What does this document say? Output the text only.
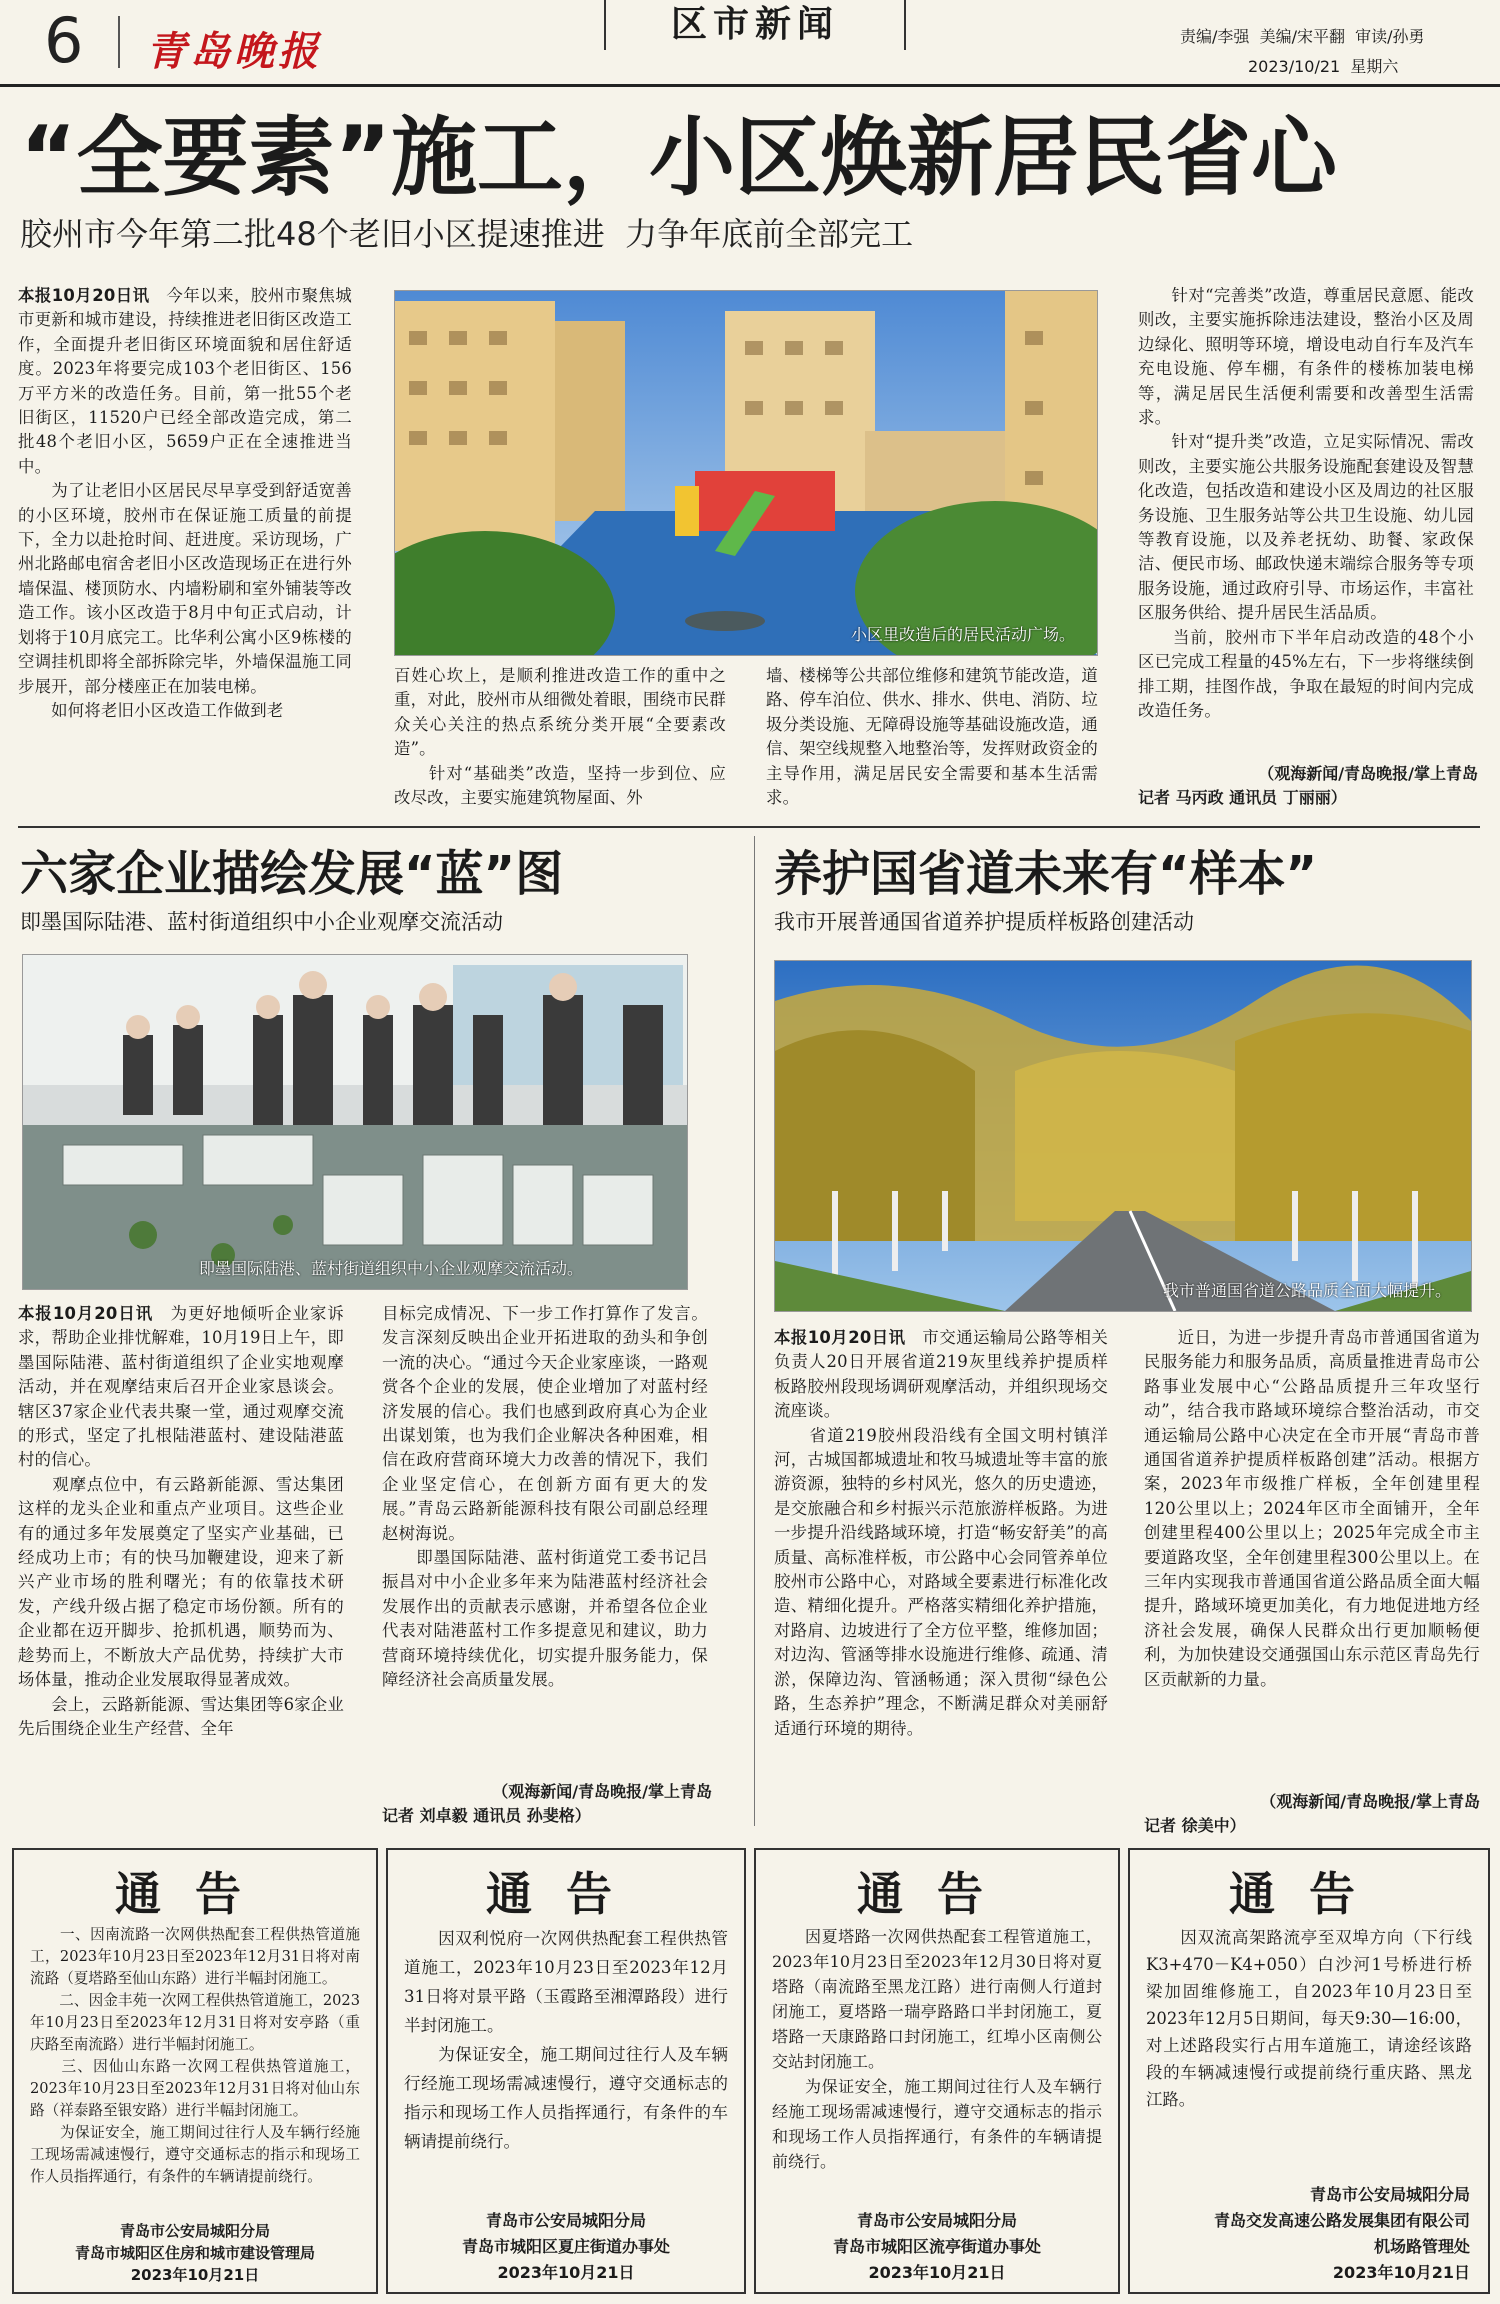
6 青岛晚报
区市新闻	责编/李强  美编/宋平翻  审读/孙勇
2023/10/21  星期六
“全要素”施工，小区焕新居民省心
胶州市今年第二批48个老旧小区提速推进  力争年底前全部完工
本报10月20日讯　今年以来，胶州市聚焦城市更新和城市建设，持续推进老旧街区改造工作，全面提升老旧街区环境面貌和居住舒适度。2023年将要完成103个老旧街区、156万平方米的改造任务。目前，第一批55个老旧街区，11520户已经全部改造完成，第二批48个老旧小区，5659户正在全速推进当中。
　　为了让老旧小区居民尽早享受到舒适宽善的小区环境，胶州市在保证施工质量的前提下，全力以赴抢时间、赶进度。采访现场，广州北路邮电宿舍老旧小区改造现场正在进行外墙保温、楼顶防水、内墙粉刷和室外铺装等改造工作。该小区改造于8月中旬正式启动，计划将于10月底完工。比华利公寓小区9栋楼的空调挂机即将全部拆除完毕，外墙保温施工同步展开，部分楼座正在加装电梯。
　　如何将老旧小区改造工作做到老
小区里改造后的居民活动广场。
百姓心坎上，是顺利推进改造工作的重中之重，对此，胶州市从细微处着眼，围绕市民群众关心关注的热点系统分类开展“全要素改造”。
　　针对“基础类”改造，坚持一步到位、应改尽改，主要实施建筑物屋面、外
墙、楼梯等公共部位维修和建筑节能改造，道路、停车泊位、供水、排水、供电、消防、垃圾分类设施、无障碍设施等基础设施改造，通信、架空线规整入地整治等，发挥财政资金的主导作用，满足居民安全需要和基本生活需求。
　　针对“完善类”改造，尊重居民意愿、能改则改，主要实施拆除违法建设，整治小区及周边绿化、照明等环境，增设电动自行车及汽车充电设施、停车棚，有条件的楼栋加装电梯等，满足居民生活便利需要和改善型生活需求。
　　针对“提升类”改造，立足实际情况、需改则改，主要实施公共服务设施配套建设及智慧化改造，包括改造和建设小区及周边的社区服务设施、卫生服务站等公共卫生设施、幼儿园等教育设施，以及养老抚幼、助餐、家政保洁、便民市场、邮政快递末端综合服务等专项服务设施，通过政府引导、市场运作，丰富社区服务供给、提升居民生活品质。
　　当前，胶州市下半年启动改造的48个小区已完成工程量的45%左右，下一步将继续倒排工期，挂图作战，争取在最短的时间内完成改造任务。
（观海新闻/青岛晚报/掌上青岛
记者 马丙政 通讯员 丁丽丽）
六家企业描绘发展“蓝”图
即墨国际陆港、蓝村街道组织中小企业观摩交流活动
即墨国际陆港、蓝村街道组织中小企业观摩交流活动。
本报10月20日讯　为更好地倾听企业家诉求，帮助企业排忧解难，10月19日上午，即墨国际陆港、蓝村街道组织了企业实地观摩活动，并在观摩结束后召开企业家恳谈会。辖区37家企业代表共聚一堂，通过观摩交流的形式，坚定了扎根陆港蓝村、建设陆港蓝村的信心。
　　观摩点位中，有云路新能源、雪达集团这样的龙头企业和重点产业项目。这些企业有的通过多年发展奠定了坚实产业基础，已经成功上市；有的快马加鞭建设，迎来了新兴产业市场的胜利曙光；有的依靠技术研发，产线升级占据了稳定市场份额。所有的企业都在迈开脚步、抢抓机遇，顺势而为、趁势而上，不断放大产品优势，持续扩大市场体量，推动企业发展取得显著成效。
　　会上，云路新能源、雪达集团等6家企业先后围绕企业生产经营、全年
目标完成情况、下一步工作打算作了发言。发言深刻反映出企业开拓进取的劲头和争创一流的决心。“通过今天企业家座谈，一路观赏各个企业的发展，使企业增加了对蓝村经济发展的信心。我们也感到政府真心为企业出谋划策，也为我们企业解决各种困难，相信在政府营商环境大力改善的情况下，我们企业坚定信心，在创新方面有更大的发展。”青岛云路新能源科技有限公司副总经理赵树海说。
　　即墨国际陆港、蓝村街道党工委书记吕振昌对中小企业多年来为陆港蓝村经济社会发展作出的贡献表示感谢，并希望各位企业代表对陆港蓝村工作多提意见和建议，助力营商环境持续优化，切实提升服务能力，保障经济社会高质量发展。
（观海新闻/青岛晚报/掌上青岛
记者 刘卓毅 通讯员 孙斐格）
养护国省道未来有“样本”
我市开展普通国省道养护提质样板路创建活动
我市普通国省道公路品质全面大幅提升。
本报10月20日讯　市交通运输局公路等相关负责人20日开展省道219灰里线养护提质样板路胶州段现场调研观摩活动，并组织现场交流座谈。
　　省道219胶州段沿线有全国文明村镇洋河，古城国都城遗址和牧马城遗址等丰富的旅游资源，独特的乡村风光，悠久的历史遗迹，是交旅融合和乡村振兴示范旅游样板路。为进一步提升沿线路域环境，打造“畅安舒美”的高质量、高标准样板，市公路中心会同管养单位胶州市公路中心，对路域全要素进行标准化改造、精细化提升。严格落实精细化养护措施，对路肩、边坡进行了全方位平整，维修加固；对边沟、管涵等排水设施进行维修、疏通、清淤，保障边沟、管涵畅通；深入贯彻“绿色公路，生态养护”理念，不断满足群众对美丽舒适通行环境的期待。
　　近日，为进一步提升青岛市普通国省道为民服务能力和服务品质，高质量推进青岛市公路事业发展中心“公路品质提升三年攻坚行动”，结合我市路域环境综合整治活动，市交通运输局公路中心决定在全市开展“青岛市普通国省道养护提质样板路创建”活动。根据方案，2023年市级推广样板，全年创建里程120公里以上；2024年区市全面铺开，全年创建里程400公里以上；2025年完成全市主要道路攻坚，全年创建里程300公里以上。在三年内实现我市普通国省道公路品质全面大幅提升，路域环境更加美化，有力地促进地方经济社会发展，确保人民群众出行更加顺畅便利，为加快建设交通强国山东示范区青岛先行区贡献新的力量。
（观海新闻/青岛晚报/掌上青岛
记者 徐美中）
通告
　　一、因南流路一次网供热配套工程供热管道施工，2023年10月23日至2023年12月31日将对南流路（夏塔路至仙山东路）进行半幅封闭施工。
　　二、因金丰苑一次网工程供热管道施工，2023年10月23日至2023年12月31日将对安亭路（重庆路至南流路）进行半幅封闭施工。
　　三、因仙山东路一次网工程供热管道施工，2023年10月23日至2023年12月31日将对仙山东路（祥泰路至银安路）进行半幅封闭施工。
　　为保证安全，施工期间过往行人及车辆行经施工现场需减速慢行，遵守交通标志的指示和现场工作人员指挥通行，有条件的车辆请提前绕行。
青岛市公安局城阳分局
青岛市城阳区住房和城市建设管理局
2023年10月21日
通告
　　因双利悦府一次网供热配套工程供热管道施工，2023年10月23日至2023年12月31日将对景平路（玉霞路至湘潭路段）进行半封闭施工。
　　为保证安全，施工期间过往行人及车辆行经施工现场需减速慢行，遵守交通标志的指示和现场工作人员指挥通行，有条件的车辆请提前绕行。
青岛市公安局城阳分局
青岛市城阳区夏庄街道办事处
2023年10月21日
通告
　　因夏塔路一次网供热配套工程管道施工，2023年10月23日至2023年12月30日将对夏塔路（南流路至黑龙江路）进行南侧人行道封闭施工，夏塔路一瑞亭路路口半封闭施工，夏塔路一天康路路口封闭施工，红埠小区南侧公交站封闭施工。
　　为保证安全，施工期间过往行人及车辆行经施工现场需减速慢行，遵守交通标志的指示和现场工作人员指挥通行，有条件的车辆请提前绕行。
青岛市公安局城阳分局
青岛市城阳区流亭街道办事处
2023年10月21日
通告
　　因双流高架路流亭至双埠方向（下行线K3+470－K4+050）白沙河1号桥进行桥梁加固维修施工，自2023年10月23日至2023年12月5日期间，每天9:30—16:00，对上述路段实行占用车道施工，请途经该路段的车辆减速慢行或提前绕行重庆路、黑龙江路。
青岛市公安局城阳分局
青岛交发高速公路发展集团有限公司
机场路管理处
2023年10月21日
